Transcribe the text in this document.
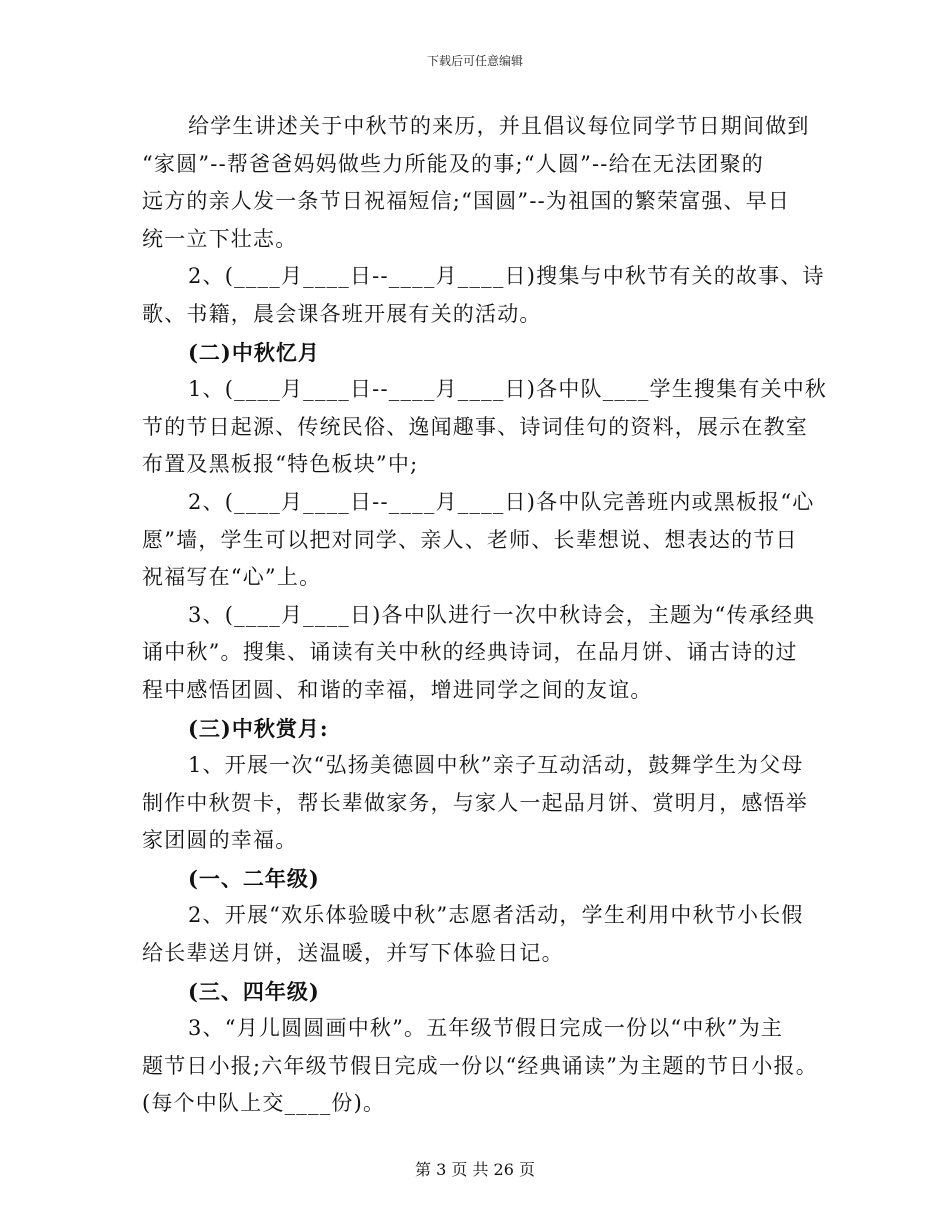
下载后可任意编辑
给学生讲述关于中秋节的来历，并且倡议每位同学节日期间做到
“家圆”--帮爸爸妈妈做些力所能及的事;“人圆”--给在无法团聚的
远方的亲人发一条节日祝福短信;“国圆”--为祖国的繁荣富强、早日
统一立下壮志。
2、(____月____日--____月____日)搜集与中秋节有关的故事、诗
歌、书籍，晨会课各班开展有关的活动。
(二)中秋忆月
1、(____月____日--____月____日)各中队____学生搜集有关中秋
节的节日起源、传统民俗、逸闻趣事、诗词佳句的资料，展示在教室
布置及黑板报“特色板块”中;
2、(____月____日--____月____日)各中队完善班内或黑板报“心
愿”墙，学生可以把对同学、亲人、老师、长辈想说、想表达的节日
祝福写在“心”上。
3、(____月____日)各中队进行一次中秋诗会，主题为“传承经典
诵中秋”。搜集、诵读有关中秋的经典诗词，在品月饼、诵古诗的过
程中感悟团圆、和谐的幸福，增进同学之间的友谊。
(三)中秋赏月:
1、开展一次“弘扬美德圆中秋”亲子互动活动，鼓舞学生为父母
制作中秋贺卡，帮长辈做家务，与家人一起品月饼、赏明月，感悟举
家团圆的幸福。
(一、二年级)
2、开展“欢乐体验暖中秋”志愿者活动，学生利用中秋节小长假
给长辈送月饼，送温暖，并写下体验日记。
(三、四年级)
3、“月儿圆圆画中秋”。五年级节假日完成一份以“中秋”为主
题节日小报;六年级节假日完成一份以“经典诵读”为主题的节日小报。
(每个中队上交____份)。
第 3 页 共 26 页
